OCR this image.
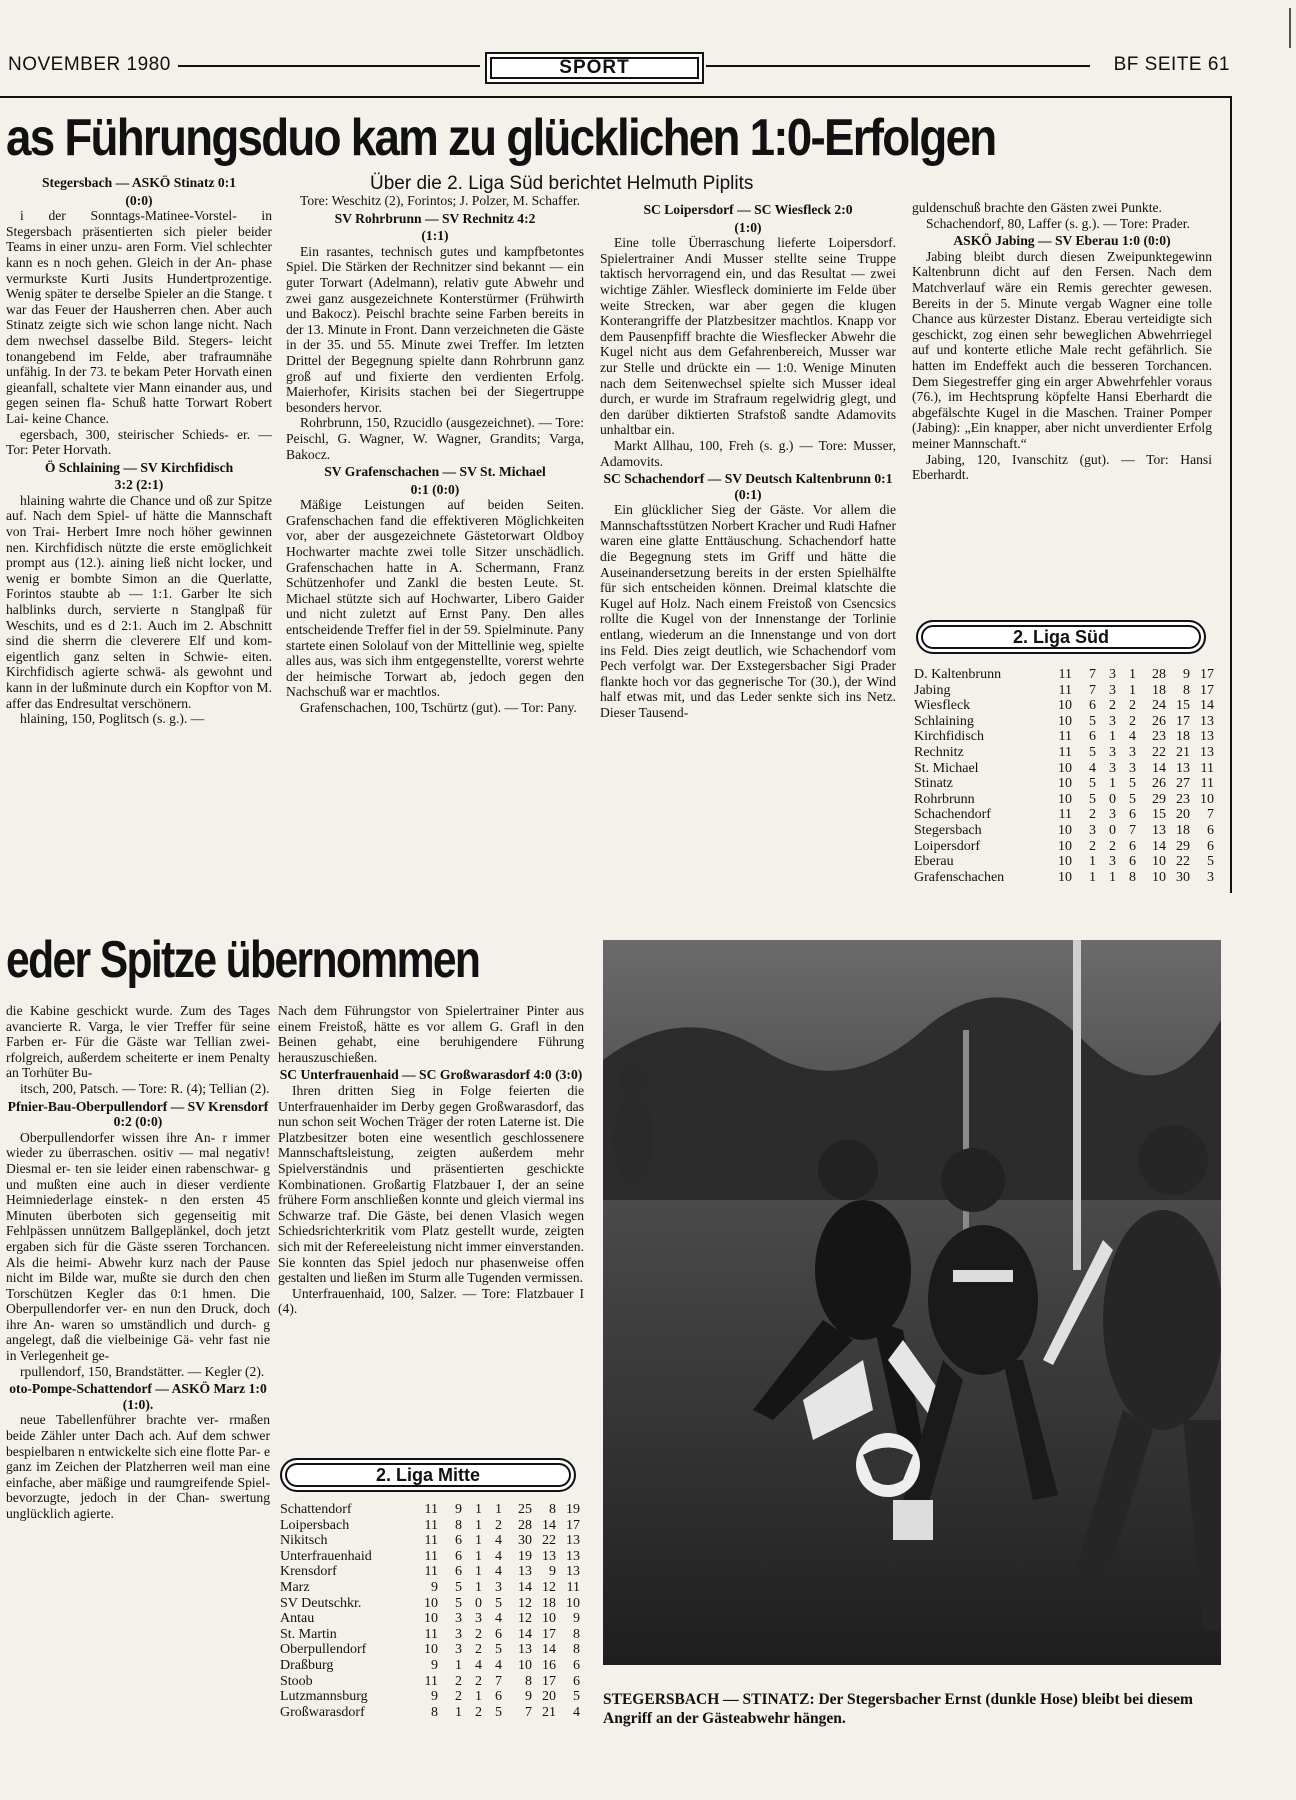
NOVEMBER 1980	SPORT	BF SEITE 61
as Führungsduo kam zu glücklichen 1:0-Erfolgen
Über die 2. Liga Süd berichtet Helmuth Piplits

Stegersbach — ASKÖ Stinatz 0:1

(0:0)

i der Sonntags-Matinee-Vorstel- in Stegersbach präsentierten sich pieler beider Teams in einer unzu- aren Form. Viel schlechter kann es n noch gehen. Gleich in der An- phase vermurkste Kurti Jusits Hundertprozentige. Wenig später te derselbe Spieler an die Stange. t war das Feuer der Hausherren chen. Aber auch Stinatz zeigte sich wie schon lange nicht. Nach dem nwechsel dasselbe Bild. Stegers- leicht tonangebend im Felde, aber trafraumnähe unfähig. In der 73. te bekam Peter Horvath einen gieanfall, schaltete vier Mann einander aus, und gegen seinen fla- Schuß hatte Torwart Robert Lai- keine Chance.

egersbach, 300, steirischer Schieds- er. — Tor: Peter Horvath.

Ö Schlaining — SV Kirchfidisch

3:2 (2:1)

hlaining wahrte die Chance und oß zur Spitze auf. Nach dem Spiel- uf hätte die Mannschaft von Trai- Herbert Imre noch höher gewinnen nen. Kirchfidisch nützte die erste emöglichkeit prompt aus (12.). aining ließ nicht locker, und wenig er bombte Simon an die Querlatte, Forintos staubte ab — 1:1. Garber lte sich halblinks durch, servierte n Stanglpaß für Weschits, und es d 2:1. Auch im 2. Abschnitt sind die sherrn die cleverere Elf und kom- eigentlich ganz selten in Schwie- eiten. Kirchfidisch agierte schwä- als gewohnt und kann in der lußminute durch ein Kopftor von M. affer das Endresultat verschönern.

hlaining, 150, Poglitsch (s. g.). —

Tore: Weschitz (2), Forintos; J. Polzer, M. Schaffer.

SV Rohrbrunn — SV Rechnitz 4:2

(1:1)

Ein rasantes, technisch gutes und kampfbetontes Spiel. Die Stärken der Rechnitzer sind bekannt — ein guter Torwart (Adelmann), relativ gute Abwehr und zwei ganz ausgezeichnete Konterstürmer (Frühwirth und Bakocz). Peischl brachte seine Farben bereits in der 13. Minute in Front. Dann verzeichneten die Gäste in der 35. und 55. Minute zwei Treffer. Im letzten Drittel der Begegnung spielte dann Rohrbrunn ganz groß auf und fixierte den verdienten Erfolg. Maierhofer, Kirisits stachen bei der Siegertruppe besonders hervor.

Rohrbrunn, 150, Rzucidlo (ausgezeichnet). — Tore: Peischl, G. Wagner, W. Wagner, Grandits; Varga, Bakocz.

SV Grafenschachen — SV St. Michael

0:1 (0:0)

Mäßige Leistungen auf beiden Seiten. Grafenschachen fand die effektiveren Möglichkeiten vor, aber der ausgezeichnete Gästetorwart Oldboy Hochwarter machte zwei tolle Sitzer unschädlich. Grafenschachen hatte in A. Schermann, Franz Schützenhofer und Zankl die besten Leute. St. Michael stützte sich auf Hochwarter, Libero Gaider und nicht zuletzt auf Ernst Pany. Den alles entscheidende Treffer fiel in der 59. Spielminute. Pany startete einen Sololauf von der Mittellinie weg, spielte alles aus, was sich ihm entgegenstellte, vorerst wehrte der heimische Torwart ab, jedoch gegen den Nachschuß war er machtlos.

Grafenschachen, 100, Tschürtz (gut). — Tor: Pany.

SC Loipersdorf — SC Wiesfleck 2:0

(1:0)

Eine tolle Überraschung lieferte Loipersdorf. Spielertrainer Andi Musser stellte seine Truppe taktisch hervorragend ein, und das Resultat — zwei wichtige Zähler. Wiesfleck dominierte im Felde über weite Strecken, war aber gegen die klugen Konterangriffe der Platzbesitzer machtlos. Knapp vor dem Pausenpfiff brachte die Wiesflecker Abwehr die Kugel nicht aus dem Gefahrenbereich, Musser war zur Stelle und drückte ein — 1:0. Wenige Minuten nach dem Seitenwechsel spielte sich Musser ideal durch, er wurde im Strafraum regelwidrig glegt, und den darüber diktierten Strafstoß sandte Adamovits unhaltbar ein.

Markt Allhau, 100, Freh (s. g.) — Tore: Musser, Adamovits.

SC Schachendorf — SV Deutsch Kaltenbrunn 0:1 (0:1)

Ein glücklicher Sieg der Gäste. Vor allem die Mannschaftsstützen Norbert Kracher und Rudi Hafner waren eine glatte Enttäuschung. Schachendorf hatte die Begegnung stets im Griff und hätte die Auseinandersetzung bereits in der ersten Spielhälfte für sich entscheiden können. Dreimal klatschte die Kugel auf Holz. Nach einem Freistoß von Csencsics rollte die Kugel von der Innenstange der Torlinie entlang, wiederum an die Innenstange und von dort ins Feld. Dies zeigt deutlich, wie Schachendorf vom Pech verfolgt war. Der Exstegersbacher Sigi Prader flankte hoch vor das gegnerische Tor (30.), der Wind half etwas mit, und das Leder senkte sich ins Netz. Dieser Tausend-

guldenschuß brachte den Gästen zwei Punkte.

Schachendorf, 80, Laffer (s. g.). — Tore: Prader.

ASKÖ Jabing — SV Eberau 1:0 (0:0)

Jabing bleibt durch diesen Zweipunktegewinn Kaltenbrunn dicht auf den Fersen. Nach dem Matchverlauf wäre ein Remis gerechter gewesen. Bereits in der 5. Minute vergab Wagner eine tolle Chance aus kürzester Distanz. Eberau verteidigte sich geschickt, zog einen sehr beweglichen Abwehrriegel auf und konterte etliche Male recht gefährlich. Sie hatten im Endeffekt auch die besseren Torchancen. Dem Siegestreffer ging ein arger Abwehrfehler voraus (76.), im Hechtsprung köpfelte Hansi Eberhardt die abgefälschte Kugel in die Maschen. Trainer Pomper (Jabing): „Ein knapper, aber nicht unverdienter Erfolg meiner Mannschaft.“

Jabing, 120, Ivanschitz (gut). — Tor: Hansi Eberhardt.

2. Liga Süd
D. Kaltenbrunn	11	7	3	1	28	9	17
Jabing	11	7	3	1	18	8	17
Wiesfleck	10	6	2	2	24	15	14
Schlaining	10	5	3	2	26	17	13
Kirchfidisch	11	6	1	4	23	18	13
Rechnitz	11	5	3	3	22	21	13
St. Michael	10	4	3	3	14	13	11
Stinatz	10	5	1	5	26	27	11
Rohrbrunn	10	5	0	5	29	23	10
Schachendorf	11	2	3	6	15	20	7
Stegersbach	10	3	0	7	13	18	6
Loipersdorf	10	2	2	6	14	29	6
Eberau	10	1	3	6	10	22	5
Grafenschachen	10	1	1	8	10	30	3
eder Spitze übernommen

die Kabine geschickt wurde. Zum des Tages avancierte R. Varga, le vier Treffer für seine Farben er- Für die Gäste war Tellian zwei- rfolgreich, außerdem scheiterte er inem Penalty an Torhüter Bu-

itsch, 200, Patsch. — Tore: R. (4); Tellian (2).

Pfnier-Bau-Oberpullendorf — SV Krensdorf 0:2 (0:0)

Oberpullendorfer wissen ihre An- r immer wieder zu überraschen. ositiv — mal negativ! Diesmal er- ten sie leider einen rabenschwar- g und mußten eine auch in dieser verdiente Heimniederlage einstek- n den ersten 45 Minuten überboten sich gegenseitig mit Fehlpässen unnützem Ballgeplänkel, doch jetzt ergaben sich für die Gäste sseren Torchancen. Als die heimi- Abwehr kurz nach der Pause nicht im Bilde war, mußte sie durch den chen Torschützen Kegler das 0:1 hmen. Die Oberpullendorfer ver- en nun den Druck, doch ihre An- waren so umständlich und durch- g angelegt, daß die vielbeinige Gä- vehr fast nie in Verlegenheit ge-

rpullendorf, 150, Brandstätter. — Kegler (2).

oto-Pompe-Schattendorf — ASKÖ Marz 1:0 (1:0).

neue Tabellenführer brachte ver- rmaßen beide Zähler unter Dach ach. Auf dem schwer bespielbaren n entwickelte sich eine flotte Par- e ganz im Zeichen der Platzherren weil man eine einfache, aber mäßige und raumgreifende Spiel- bevorzugte, jedoch in der Chan- swertung unglücklich agierte.

Nach dem Führungstor von Spielertrainer Pinter aus einem Freistoß, hätte es vor allem G. Grafl in den Beinen gehabt, eine beruhigendere Führung herauszuschießen.

SC Unterfrauenhaid — SC Großwarasdorf 4:0 (3:0)

Ihren dritten Sieg in Folge feierten die Unterfrauenhaider im Derby gegen Großwarasdorf, das nun schon seit Wochen Träger der roten Laterne ist. Die Platzbesitzer boten eine wesentlich geschlossenere Mannschaftsleistung, zeigten außerdem mehr Spielverständnis und präsentierten geschickte Kombinationen. Großartig Flatzbauer I, der an seine frühere Form anschließen konnte und gleich viermal ins Schwarze traf. Die Gäste, bei denen Vlasich wegen Schiedsrichterkritik vom Platz gestellt wurde, zeigten sich mit der Refereeleistung nicht immer einverstanden. Sie konnten das Spiel jedoch nur phasenweise offen gestalten und ließen im Sturm alle Tugenden vermissen.

Unterfrauenhaid, 100, Salzer. — Tore: Flatzbauer I (4).

2. Liga Mitte
Schattendorf	11	9	1	1	25	8	19
Loipersbach	11	8	1	2	28	14	17
Nikitsch	11	6	1	4	30	22	13
Unterfrauenhaid	11	6	1	4	19	13	13
Krensdorf	11	6	1	4	13	9	13
Marz	9	5	1	3	14	12	11
SV Deutschkr.	10	5	0	5	12	18	10
Antau	10	3	3	4	12	10	9
St. Martin	11	3	2	6	14	17	8
Oberpullendorf	10	3	2	5	13	14	8
Draßburg	9	1	4	4	10	16	6
Stoob	11	2	2	7	8	17	6
Lutzmannsburg	9	2	1	6	9	20	5
Großwarasdorf	8	1	2	5	7	21	4
STEGERSBACH — STINATZ: Der Stegersbacher Ernst (dunkle Hose) bleibt bei diesem Angriff an der Gästeabwehr hängen.
